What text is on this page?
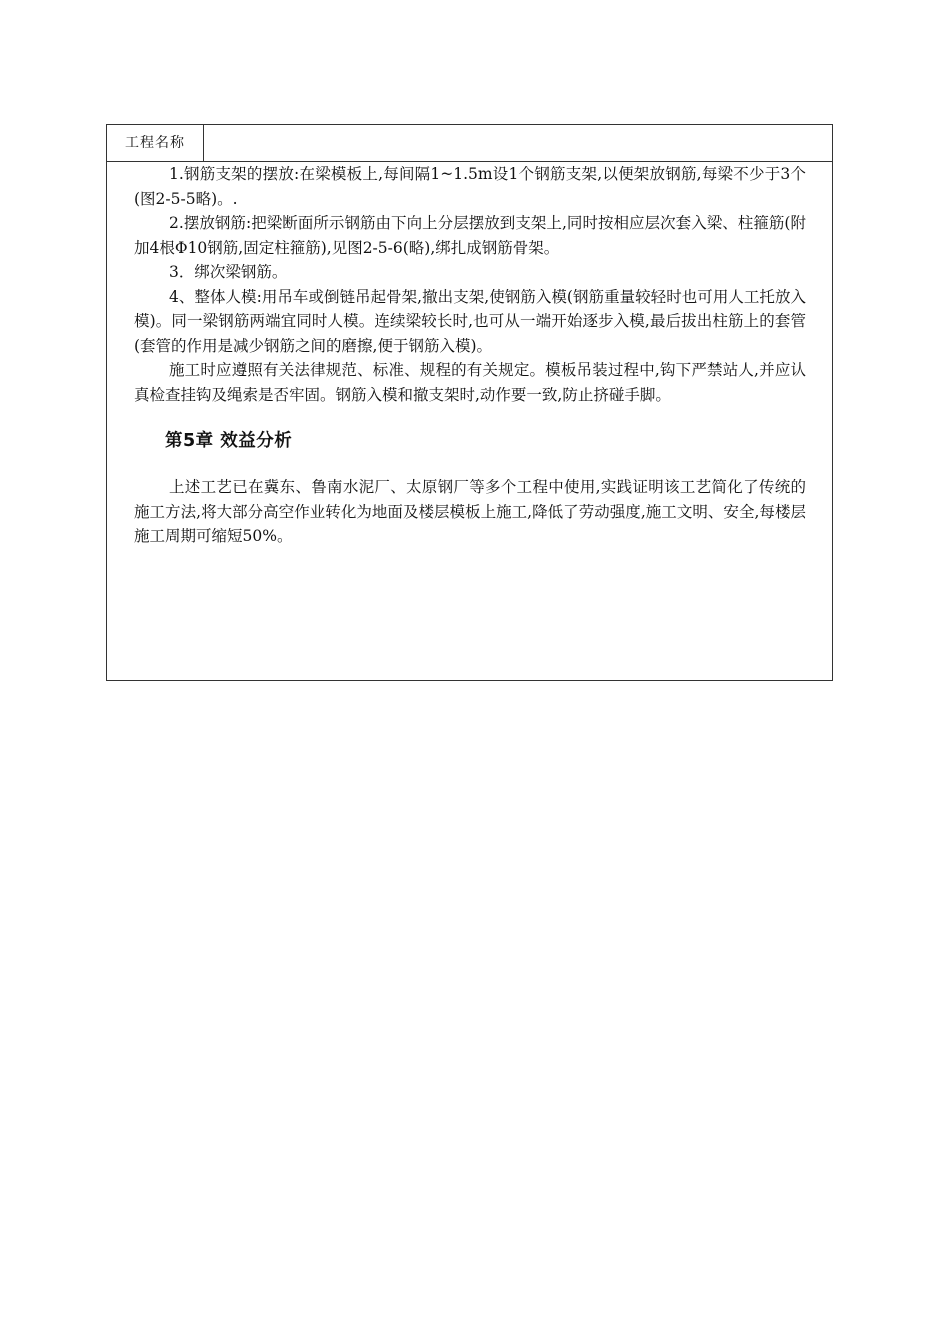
工程名称

1.钢筋支架的摆放:在梁模板上,每间隔1~1.5m设1个钢筋支架,以便架放钢筋,每梁不少于3个(图2-5-5略)。.

2.摆放钢筋:把梁断面所示钢筋由下向上分层摆放到支架上,同时按相应层次套入梁、柱箍筋(附加4根Φ10钢筋,固定柱箍筋),见图2-5-6(略),绑扎成钢筋骨架。

3．绑次梁钢筋。

4、整体人模:用吊车或倒链吊起骨架,撤出支架,使钢筋入模(钢筋重量较轻时也可用人工托放入模)。同一梁钢筋两端宜同时人模。连续梁较长时,也可从一端开始逐步入模,最后拔出柱筋上的套管(套管的作用是减少钢筋之间的磨擦,便于钢筋入模)。

施工时应遵照有关法律规范、标准、规程的有关规定。模板吊装过程中,钩下严禁站人,并应认真检查挂钩及绳索是否牢固。钢筋入模和撤支架时,动作要一致,防止挤碰手脚。

第5章 效益分析

上述工艺已在冀东、鲁南水泥厂、太原钢厂等多个工程中使用,实践证明该工艺简化了传统的施工方法,将大部分高空作业转化为地面及楼层模板上施工,降低了劳动强度,施工文明、安全,每楼层施工周期可缩短50%。
